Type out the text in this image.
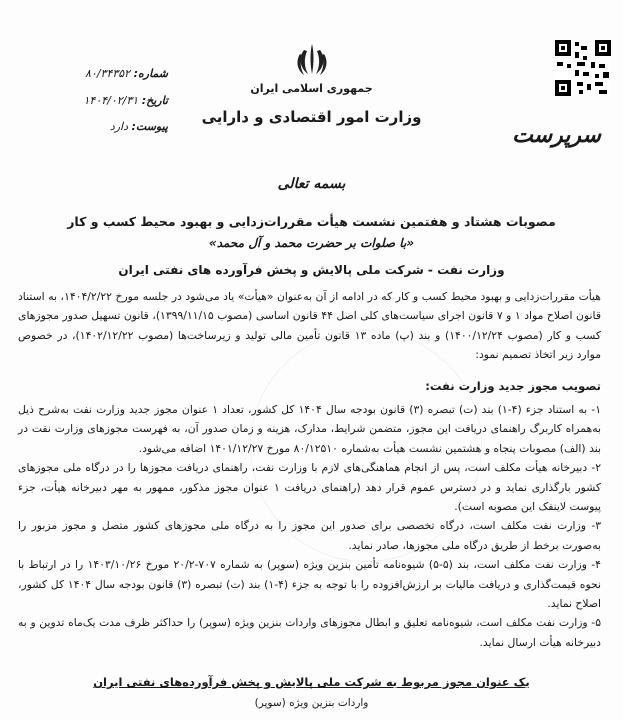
شماره: ۸۰/۳۴۳۵۲
تاریخ: ۱۴۰۴/۰۲/۳۱
پیوست: دارد
جمهوری اسلامی ایران
وزارت امور اقتصادی و دارایی
سرپرست
بسمه تعالی
مصوبات هشتاد و هفتمین نشست هیأت مقررات‌زدایی و بهبود محیط کسب و کار
«با صلوات بر حضرت محمد و آل محمد»
وزارت نفت - شرکت ملی پالایش و پخش فرآورده های نفتی ایران
هیأت مقررات‌زدایی و بهبود محیط کسب و کار که در ادامه از آن به‌عنوان «هیأت» یاد می‌شود در جلسه مورخ ۱۴۰۴/۲/۲۲، به استناد قانون اصلاح مواد ۱ و ۷ قانون اجرای سیاست‌های کلی اصل ۴۴ قانون اساسی (مصوب ۱۳۹۹/۱۱/۱۵)، قانون تسهیل صدور مجوزهای کسب و کار (مصوب ۱۴۰۰/۱۲/۲۴) و بند (پ) ماده ۱۳ قانون تأمین مالی تولید و زیرساخت‌ها (مصوب ۱۴۰۲/۱۲/۲۲)، در خصوص موارد زیر اتخاذ تصمیم نمود:
تصویب مجوز جدید وزارت نفت:

۱- به استناد جزء (۴-۱) بند (ت) تبصره (۳) قانون بودجه سال ۱۴۰۴ کل کشور، تعداد ۱ عنوان مجوز جدید وزارت نفت به‌شرح ذیل به‌همراه کاربرگ راهنمای دریافت این مجوز، متضمن شرایط، مدارک، هزینه و زمان صدور آن، به فهرست مجوزهای وزارت نفت در بند (الف) مصوبات پنجاه و هشتمین نشست هیأت به‌شماره ۸۰/۱۲۵۱۰ مورخ ۱۴۰۱/۱۲/۲۷ اضافه می‌شود.

۲- دبیرخانه هیأت مکلف است، پس از انجام هماهنگی‌های لازم با وزارت نفت، راهنمای دریافت مجوزها را در درگاه ملی مجوزهای کشور بارگذاری نماید و در دسترس عموم قرار دهد (راهنمای دریافت ۱ عنوان مجوز مذکور، ممهور به مهر دبیرخانه هیأت، جزء پیوست لاینفک این مصوبه است).

۳- وزارت نفت مکلف است، درگاه تخصصی برای صدور این مجوز را به درگاه ملی مجوزهای کشور متصل و مجوز مزبور را به‌صورت برخط از طریق درگاه ملی مجوزها، صادر نماید.

۴- وزارت نفت مکلف است، بند (۵-۵) شیوه‌نامه تأمین بنزین ویژه (سوپر) به شماره ۷۰۷-۲۰/۲ مورخ ۱۴۰۳/۱۰/۲۶ را در ارتباط با نحوه قیمت‌گذاری و دریافت مالیات بر ارزش‌افزوده را با توجه به جزء (۴-۱) بند (ت) تبصره (۳) قانون بودجه سال ۱۴۰۴ کل کشور، اصلاح نماید.

۵- وزارت نفت مکلف است، شیوه‌نامه تعلیق و ابطال مجوزهای واردات بنزین ویژه (سوپر) را حداکثر ظرف مدت یک‌ماه تدوین و به دبیرخانه هیأت ارسال نماید.

یک عنوان مجوز مربوط به شرکت ملی پالایش و پخش فرآورده‌های نفتی ایران
واردات بنزین ویژه (سوپر)
